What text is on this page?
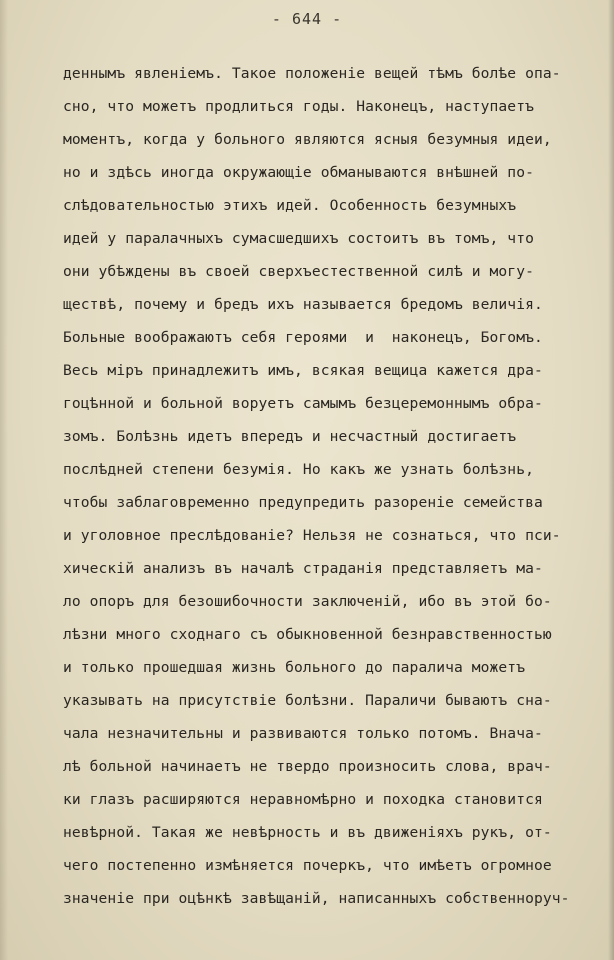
- 644 -
деннымъ явленіемъ. Такое положеніе вещей тѣмъ болѣе опа-
сно, что можетъ продлиться годы. Наконецъ, наступаетъ
моментъ, когда у больного являются ясныя безумныя идеи,
но и здѣсь иногда окружающіе обманываются внѣшней по-
слѣдовательностью этихъ идей. Особенность безумныхъ
идей у паралачныхъ сумасшедшихъ состоитъ въ томъ, что
они убѣждены въ своей сверхъестественной силѣ и могу-
ществѣ, почему и бредъ ихъ называется бредомъ величія.
Больные воображаютъ себя героями  и  наконецъ, Богомъ.
Весь міръ принадлежитъ имъ, всякая вещица кажется дра-
гоцѣнной и больной воруетъ самымъ безцеремоннымъ обра-
зомъ. Болѣзнь идетъ впередъ и несчастный достигаетъ
послѣдней степени безумія. Но какъ же узнать болѣзнь,
чтобы заблаговременно предупредить разореніе семейства
и уголовное преслѣдованіе? Нельзя не сознаться, что пси-
хическій анализъ въ началѣ страданія представляетъ ма-
ло опоръ для безошибочности заключеній, ибо въ этой бо-
лѣзни много сходнаго съ обыкновенной безнравственностью
и только прошедшая жизнь больного до паралича можетъ
указывать на присутствіе болѣзни. Параличи бываютъ сна-
чала незначительны и развиваются только потомъ. Внача-
лѣ больной начинаетъ не твердо произносить слова, врач-
ки глазъ расширяются неравномѣрно и походка становится
невѣрной. Такая же невѣрность и въ движеніяхъ рукъ, от-
чего постепенно измѣняется почеркъ, что имѣетъ огромное
значеніе при оцѣнкѣ завѣщаній, написанныхъ собственноруч-
